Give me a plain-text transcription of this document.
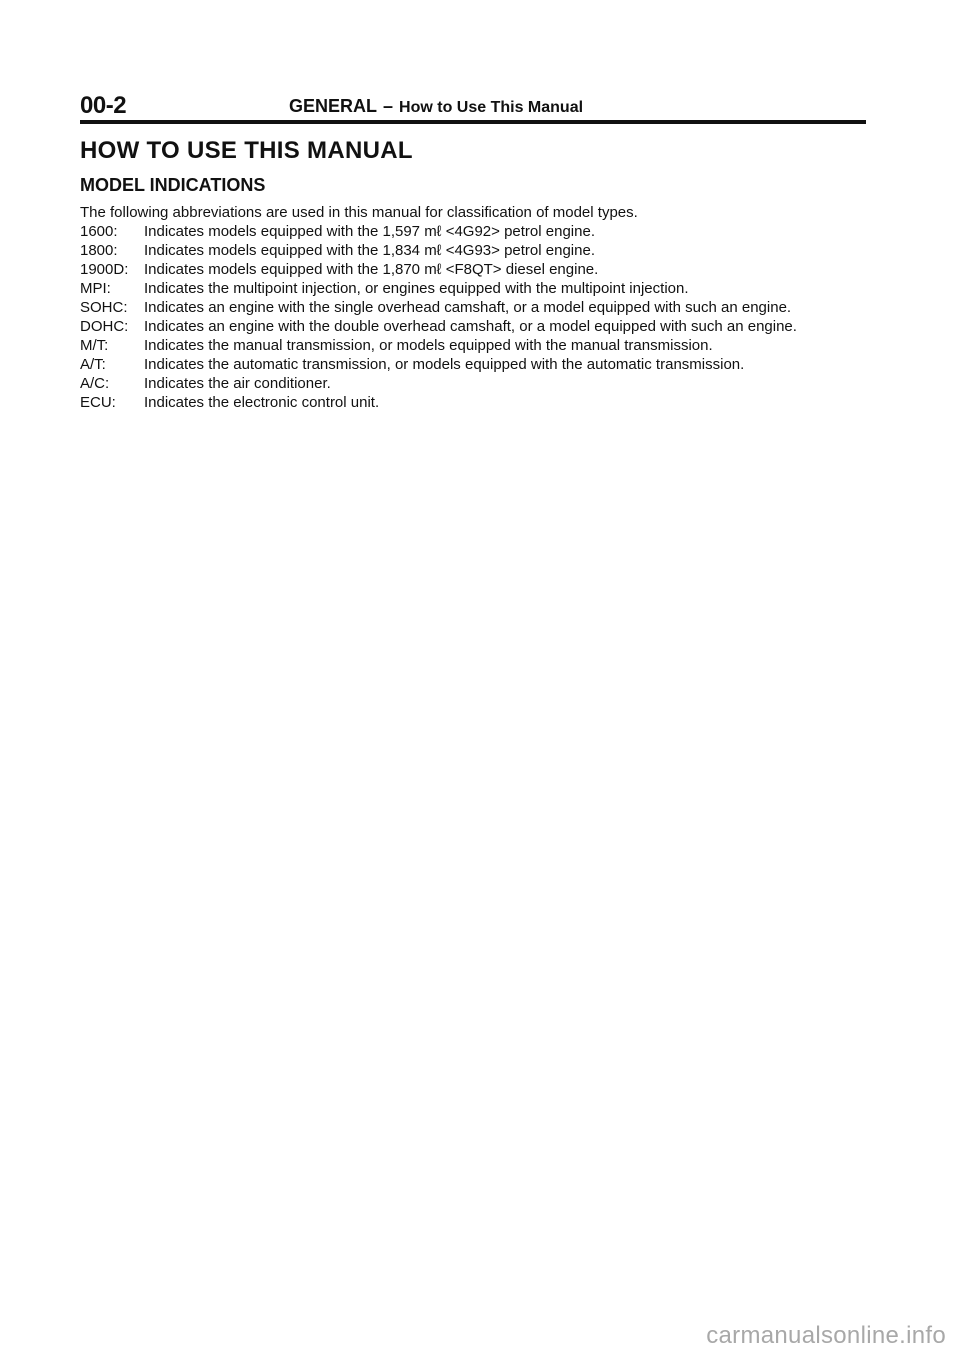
00-2	GENERAL – How to Use This Manual
HOW TO USE THIS MANUAL
MODEL INDICATIONS
The following abbreviations are used in this manual for classification of model types.
1600:	Indicates models equipped with the 1,597 mℓ <4G92> petrol engine.
1800:	Indicates models equipped with the 1,834 mℓ <4G93> petrol engine.
1900D:	Indicates models equipped with the 1,870 mℓ <F8QT> diesel engine.
MPI:	Indicates the multipoint injection, or engines equipped with the multipoint injection.
SOHC:	Indicates an engine with the single overhead camshaft, or a model equipped with such an engine.
DOHC:	Indicates an engine with the double overhead camshaft, or a model equipped with such an engine.
M/T:	Indicates the manual transmission, or models equipped with the manual transmission.
A/T:	Indicates the automatic transmission, or models equipped with the automatic transmission.
A/C:	Indicates the air conditioner.
ECU:	Indicates the electronic control unit.
carmanualsonline.info
